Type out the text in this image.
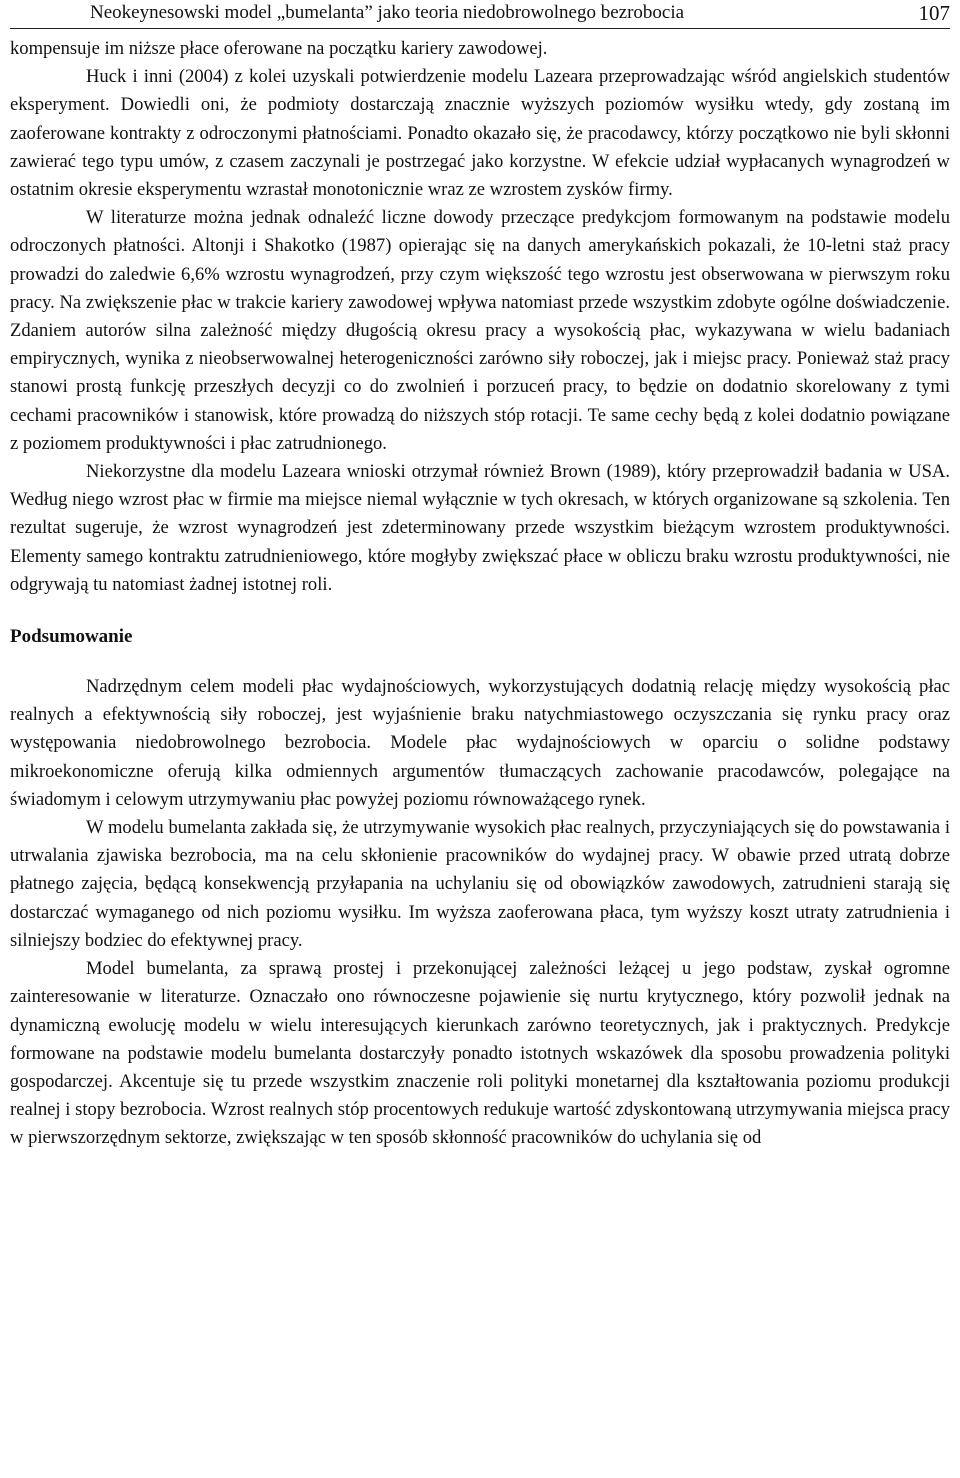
Neokeynesowski model „bumelanta” jako teoria niedobrowolnego bezrobocia	107

kompensuje im niższe płace oferowane na początku kariery zawodowej.

Huck i inni (2004) z kolei uzyskali potwierdzenie modelu Lazeara przeprowadzając wśród angielskich studentów eksperyment. Dowiedli oni, że podmioty dostarczają znacznie wyższych poziomów wysiłku wtedy, gdy zostaną im zaoferowane kontrakty z odroczonymi płatnościami. Ponadto okazało się, że pracodawcy, którzy początkowo nie byli skłonni zawierać tego typu umów, z czasem zaczynali je postrzegać jako korzystne. W efekcie udział wypłacanych wynagrodzeń w ostatnim okresie eksperymentu wzrastał monotonicznie wraz ze wzrostem zysków firmy.

W literaturze można jednak odnaleźć liczne dowody przeczące predykcjom formowanym na podstawie modelu odroczonych płatności. Altonji i Shakotko (1987) opierając się na danych amerykańskich pokazali, że 10-letni staż pracy prowadzi do zaledwie 6,6% wzrostu wynagrodzeń, przy czym większość tego wzrostu jest obserwowana w pierwszym roku pracy. Na zwiększenie płac w trakcie kariery zawodowej wpływa natomiast przede wszystkim zdobyte ogólne doświadczenie. Zdaniem autorów silna zależność między długością okresu pracy a wysokością płac, wykazywana w wielu badaniach empirycznych, wynika z nieobserwowalnej heterogeniczności zarówno siły roboczej, jak i miejsc pracy. Ponieważ staż pracy stanowi prostą funkcję przeszłych decyzji co do zwolnień i porzuceń pracy, to będzie on dodatnio skorelowany z tymi cechami pracowników i stanowisk, które prowadzą do niższych stóp rotacji. Te same cechy będą z kolei dodatnio powiązane z poziomem produktywności i płac zatrudnionego.

Niekorzystne dla modelu Lazeara wnioski otrzymał również Brown (1989), który przeprowadził badania w USA. Według niego wzrost płac w firmie ma miejsce niemal wyłącznie w tych okresach, w których organizowane są szkolenia. Ten rezultat sugeruje, że wzrost wynagrodzeń jest zdeterminowany przede wszystkim bieżącym wzrostem produktywności. Elementy samego kontraktu zatrudnieniowego, które mogłyby zwiększać płace w obliczu braku wzrostu produktywności, nie odgrywają tu natomiast żadnej istotnej roli.

Podsumowanie

Nadrzędnym celem modeli płac wydajnościowych, wykorzystujących dodatnią relację między wysokością płac realnych a efektywnością siły roboczej, jest wyjaśnienie braku natychmiastowego oczyszczania się rynku pracy oraz występowania niedobrowolnego bezrobocia. Modele płac wydajnościowych w oparciu o solidne podstawy mikroekonomiczne oferują kilka odmiennych argumentów tłumaczących zachowanie pracodawców, polegające na świadomym i celowym utrzymywaniu płac powyżej poziomu równoważącego rynek.

W modelu bumelanta zakłada się, że utrzymywanie wysokich płac realnych, przyczyniających się do powstawania i utrwalania zjawiska bezrobocia, ma na celu skłonienie pracowników do wydajnej pracy. W obawie przed utratą dobrze płatnego zajęcia, będącą konsekwencją przyłapania na uchylaniu się od obowiązków zawodowych, zatrudnieni starają się dostarczać wymaganego od nich poziomu wysiłku. Im wyższa zaoferowana płaca, tym wyższy koszt utraty zatrudnienia i silniejszy bodziec do efektywnej pracy.

Model bumelanta, za sprawą prostej i przekonującej zależności leżącej u jego podstaw, zyskał ogromne zainteresowanie w literaturze. Oznaczało ono równoczesne pojawienie się nurtu krytycznego, który pozwolił jednak na dynamiczną ewolucję modelu w wielu interesujących kierunkach zarówno teoretycznych, jak i praktycznych. Predykcje formowane na podstawie modelu bumelanta dostarczyły ponadto istotnych wskazówek dla sposobu prowadzenia polityki gospodarczej. Akcentuje się tu przede wszystkim znaczenie roli polityki monetarnej dla kształtowania poziomu produkcji realnej i stopy bezrobocia. Wzrost realnych stóp procentowych redukuje wartość zdyskontowaną utrzymywania miejsca pracy w pierwszorzędnym sektorze, zwiększając w ten sposób skłonność pracowników do uchylania się od
